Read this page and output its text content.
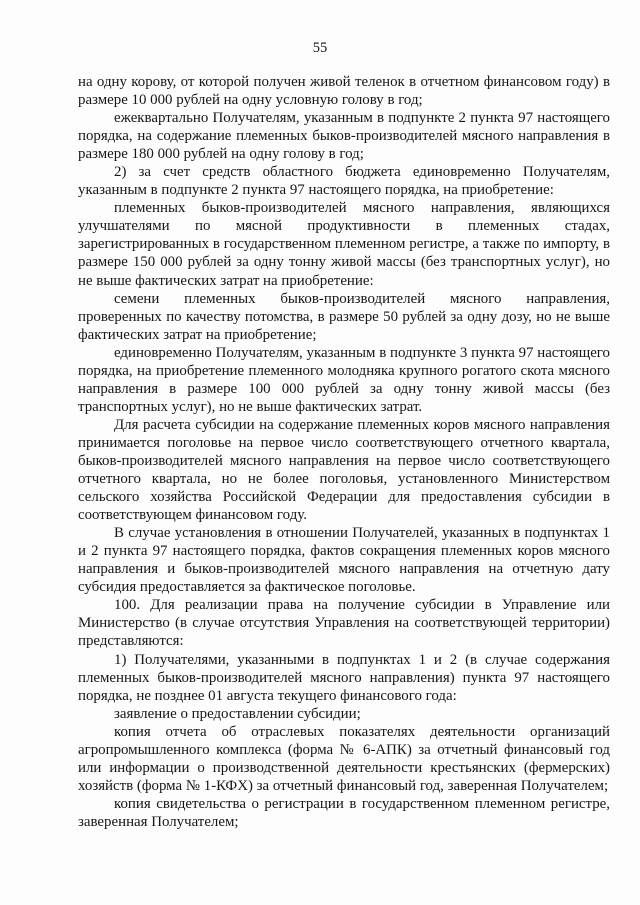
55

на одну корову, от которой получен живой теленок в отчетном финансовом году) в размере 10 000 рублей на одну условную голову в год;

ежеквартально Получателям, указанным в подпункте 2 пункта 97 настоящего порядка, на содержание племенных быков-производителей мясного направления в размере 180 000 рублей на одну голову в год;

2) за счет средств областного бюджета единовременно Получателям, указанным в подпункте 2 пункта 97 настоящего порядка, на приобретение:

племенных быков-производителей мясного направления, являющихся улучшателями по мясной продуктивности в племенных стадах, зарегистрированных в государственном племенном регистре, а также по импорту, в размере 150 000 рублей за одну тонну живой массы (без транспортных услуг), но не выше фактических затрат на приобретение:

семени племенных быков-производителей мясного направления, проверенных по качеству потомства, в размере 50 рублей за одну дозу, но не выше фактических затрат на приобретение;

единовременно Получателям, указанным в подпункте 3 пункта 97 настоящего порядка, на приобретение племенного молодняка крупного рогатого скота мясного направления в размере 100 000 рублей за одну тонну живой массы (без транспортных услуг), но не выше фактических затрат.

Для расчета субсидии на содержание племенных коров мясного направления принимается поголовье на первое число соответствующего отчетного квартала, быков-производителей мясного направления на первое число соответствующего отчетного квартала, но не более поголовья, установленного Министерством сельского хозяйства Российской Федерации для предоставления субсидии в соответствующем финансовом году.

В случае установления в отношении Получателей, указанных в подпунктах 1 и 2 пункта 97 настоящего порядка, фактов сокращения племенных коров мясного направления и быков-производителей мясного направления на отчетную дату субсидия предоставляется за фактическое поголовье.

100. Для реализации права на получение субсидии в Управление или Министерство (в случае отсутствия Управления на соответствующей территории) представляются:

1) Получателями, указанными в подпунктах 1 и 2 (в случае содержания племенных быков-производителей мясного направления) пункта 97 настоящего порядка, не позднее 01 августа текущего финансового года:

заявление о предоставлении субсидии;

копия отчета об отраслевых показателях деятельности организаций агропромышленного комплекса (форма № 6-АПК) за отчетный финансовый год или информации о производственной деятельности крестьянских (фермерских) хозяйств (форма № 1-КФХ) за отчетный финансовый год, заверенная Получателем;

копия свидетельства о регистрации в государственном племенном регистре, заверенная Получателем;
